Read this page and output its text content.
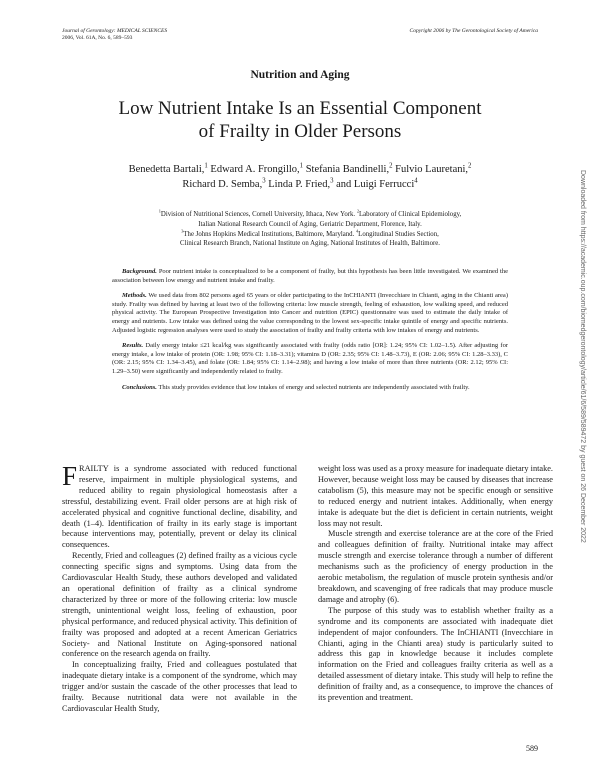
Journal of Gerontology: MEDICAL SCIENCES
2006, Vol. 61A, No. 6, 589–593
Copyright 2006 by The Gerontological Society of America
Nutrition and Aging
Low Nutrient Intake Is an Essential Component
of Frailty in Older Persons
Benedetta Bartali,$^1$ Edward A. Frongillo,$^1$ Stefania Bandinelli,$^2$ Fulvio Lauretani,$^2$
Richard D. Semba,$^3$ Linda P. Fried,$^3$ and Luigi Ferrucci$^4$
$^1$Division of Nutritional Sciences, Cornell University, Ithaca, New York. $^2$Laboratory of Clinical Epidemiology,
Italian National Research Council of Aging, Geriatric Department, Florence, Italy.
$^3$The Johns Hopkins Medical Institutions, Baltimore, Maryland. $^4$Longitudinal Studies Section,
Clinical Research Branch, National Institute on Aging, National Institutes of Health, Baltimore.

Background. Poor nutrient intake is conceptualized to be a component of frailty, but this hypothesis has been little investigated. We examined the association between low energy and nutrient intake and frailty.

Methods. We used data from 802 persons aged 65 years or older participating to the InCHIANTI (Invecchiare in Chianti, aging in the Chianti area) study. Frailty was defined by having at least two of the following criteria: low muscle strength, feeling of exhaustion, low walking speed, and reduced physical activity. The European Prospective Investigation into Cancer and nutrition (EPIC) questionnaire was used to estimate the daily intake of energy and nutrients. Low intake was defined using the value corresponding to the lowest sex-specific intake quintile of energy and specific nutrients. Adjusted logistic regression analyses were used to study the association of frailty and frailty criteria with low intakes of energy and nutrients.

Results. Daily energy intake ≤21 kcal/kg was significantly associated with frailty (odds ratio [OR]: 1.24; 95% CI: 1.02–1.5). After adjusting for energy intake, a low intake of protein (OR: 1.98; 95% CI: 1.18–3.31); vitamins D (OR: 2.35; 95% CI: 1.48–3.73), E (OR: 2.06; 95% CI: 1.28–3.33), C (OR: 2.15; 95% CI: 1.34–3.45), and folate (OR: 1.84; 95% CI: 1.14–2.98); and having a low intake of more than three nutrients (OR: 2.12; 95% CI: 1.29–3.50) were significantly and independently related to frailty.

Conclusions. This study provides evidence that low intakes of energy and selected nutrients are independently associated with frailty.

FRAILTY is a syndrome associated with reduced functional reserve, impairment in multiple physiological systems, and reduced ability to regain physiological homeostasis after a stressful, destabilizing event. Frail older persons are at high risk of accelerated physical and cognitive functional decline, disability, and death (1–4). Identification of frailty in its early stage is important because interventions may, potentially, prevent or delay its clinical consequences.

Recently, Fried and colleagues (2) defined frailty as a vicious cycle connecting specific signs and symptoms. Using data from the Cardiovascular Health Study, these authors developed and validated an operational definition of frailty as a clinical syndrome characterized by three or more of the following criteria: low muscle strength, unintentional weight loss, feeling of exhaustion, poor physical performance, and reduced physical activity. This definition of frailty was proposed and adopted at a recent American Geriatrics Society- and National Institute on Aging-sponsored national conference on the research agenda on frailty.

In conceptualizing frailty, Fried and colleagues postulated that inadequate dietary intake is a component of the syndrome, which may trigger and/or sustain the cascade of the other processes that lead to frailty. Because nutritional data were not available in the Cardiovascular Health Study,

weight loss was used as a proxy measure for inadequate dietary intake. However, because weight loss may be caused by diseases that increase catabolism (5), this measure may not be specific enough or sensitive to reduced energy and nutrient intakes. Additionally, when energy intake is adequate but the diet is deficient in certain nutrients, weight loss may not result.

Muscle strength and exercise tolerance are at the core of the Fried and colleagues definition of frailty. Nutritional intake may affect muscle strength and exercise tolerance through a number of different mechanisms such as the proficiency of energy production in the aerobic metabolism, the regulation of muscle protein synthesis and/or breakdown, and scavenging of free radicals that may produce muscle damage and atrophy (6).

The purpose of this study was to establish whether frailty as a syndrome and its components are associated with inadequate diet independent of major confounders. The InCHIANTI (Invecchiare in Chianti, aging in the Chianti area) study is particularly suited to address this gap in knowledge because it includes complete information on the Fried and colleagues frailty criteria as well as a detailed assessment of dietary intake. This study will help to refine the definition of frailty and, as a consequence, to improve the chances of its prevention and treatment.

589
Downloaded from https://academic.oup.com/biomedgerontology/article/61/6/589/589472 by guest on 26 December 2022
